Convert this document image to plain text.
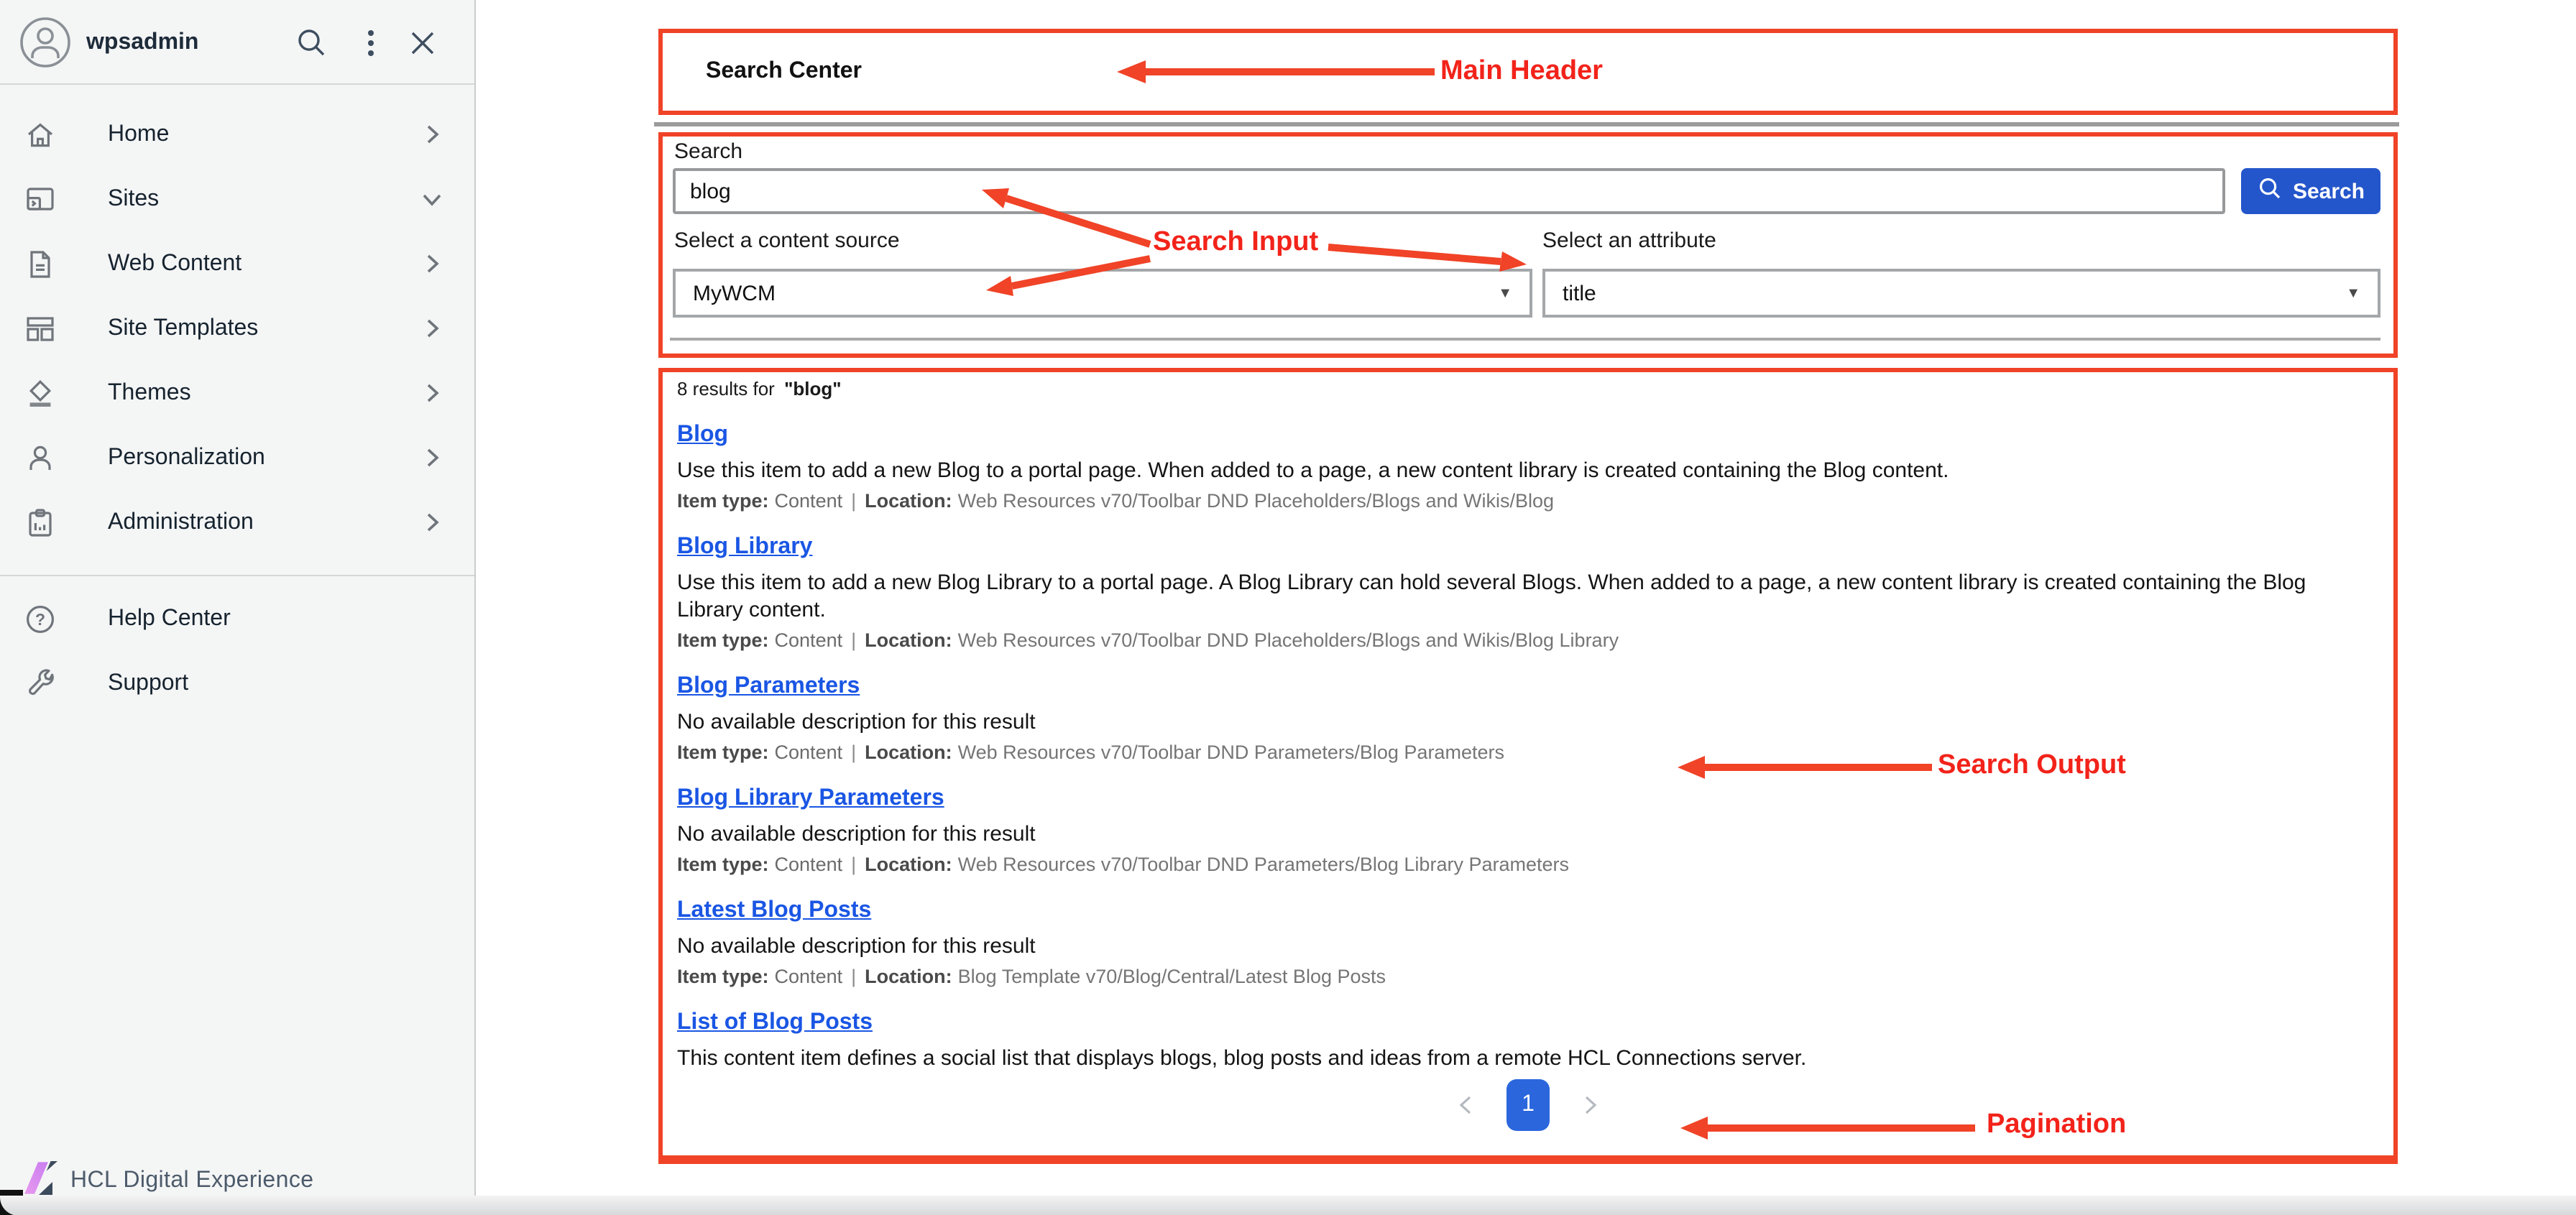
wpsadmin
Home
Sites
Web Content
Site Templates
Themes
Personalization
Administration
?	Help Center
Support
HCL Digital Experience
Search Center
Search
blog
Search
Select a content source
MyWCM	▼
Select an attribute
title	▼
8 results for "blog"
Blog
Use this item to add a new Blog to a portal page. When added to a page, a new content library is created containing the Blog content.
Item type: Content | Location: Web Resources v70/Toolbar DND Placeholders/Blogs and Wikis/Blog
Blog Library
Use this item to add a new Blog Library to a portal page. A Blog Library can hold several Blogs. When added to a page, a new content library is created containing the Blog Library content.
Item type: Content | Location: Web Resources v70/Toolbar DND Placeholders/Blogs and Wikis/Blog Library
Blog Parameters
No available description for this result
Item type: Content | Location: Web Resources v70/Toolbar DND Parameters/Blog Parameters
Blog Library Parameters
No available description for this result
Item type: Content | Location: Web Resources v70/Toolbar DND Parameters/Blog Library Parameters
Latest Blog Posts
No available description for this result
Item type: Content | Location: Blog Template v70/Blog/Central/Latest Blog Posts
List of Blog Posts
This content item defines a social list that displays blogs, blog posts and ideas from a remote HCL Connections server.
1
Main Header
Search Input
Search Output
Pagination
